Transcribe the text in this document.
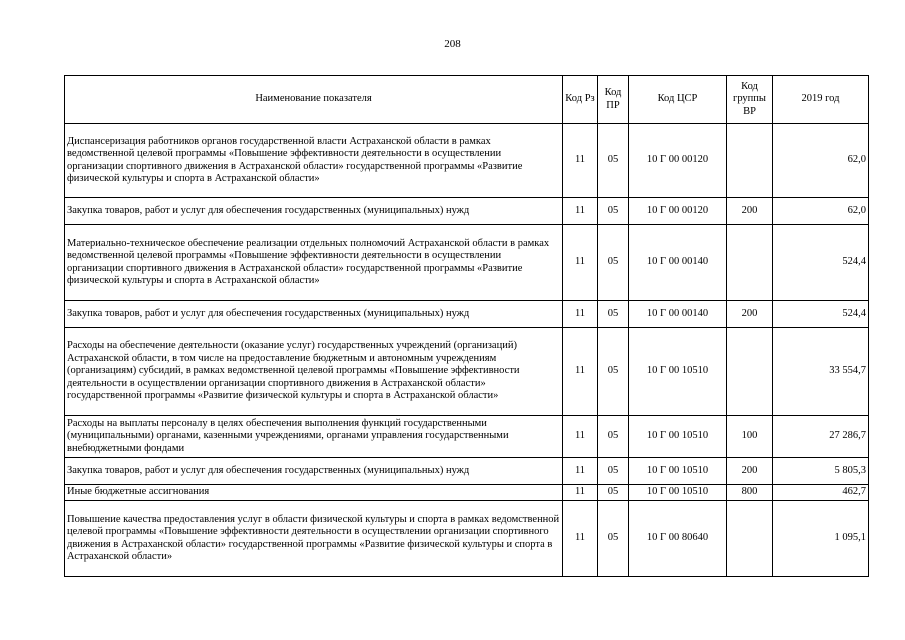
208
Наименование показателя	Код Рз	Код ПР	Код ЦСР	Код группы ВР	2019 год
Диспансеризация работников органов государственной власти Астраханской области в рамках ведомственной целевой программы «Повышение эффективности деятельности в осуществлении организации спортивного движения в Астраханской области» государственной программы «Развитие физической культуры и спорта в Астраханской области»	11	05	10 Г 00 00120		62,0
Закупка товаров, работ и услуг для обеспечения государственных (муниципальных) нужд	11	05	10 Г 00 00120	200	62,0
Материально-техническое обеспечение реализации отдельных полномочий Астраханской области в рамках ведомственной целевой программы «Повышение эффективности деятельности в осуществлении организации спортивного движения в Астраханской области» государственной программы «Развитие физической культуры и спорта в Астраханской области»	11	05	10 Г 00 00140		524,4
Закупка товаров, работ и услуг для обеспечения государственных (муниципальных) нужд	11	05	10 Г 00 00140	200	524,4
Расходы на обеспечение деятельности (оказание услуг) государственных учреждений (организаций) Астраханской области, в том числе на предоставление бюджетным и автономным учреждениям (организациям) субсидий, в рамках ведомственной целевой программы «Повышение эффективности деятельности в осуществлении организации спортивного движения в Астраханской области» государственной программы «Развитие физической культуры и спорта в Астраханской области»	11	05	10 Г 00 10510		33 554,7
Расходы на выплаты персоналу в целях обеспечения выполнения функций государственными (муниципальными) органами, казенными учреждениями, органами управления государственными внебюджетными фондами	11	05	10 Г 00 10510	100	27 286,7
Закупка товаров, работ и услуг для обеспечения государственных (муниципальных) нужд	11	05	10 Г 00 10510	200	5 805,3
Иные бюджетные ассигнования	11	05	10 Г 00 10510	800	462,7
Повышение качества предоставления услуг в области физической культуры и спорта в рамках ведомственной целевой программы «Повышение эффективности деятельности в осуществлении организации спортивного движения в Астраханской области» государственной программы «Развитие физической культуры и спорта в Астраханской области»	11	05	10 Г 00 80640		1 095,1
